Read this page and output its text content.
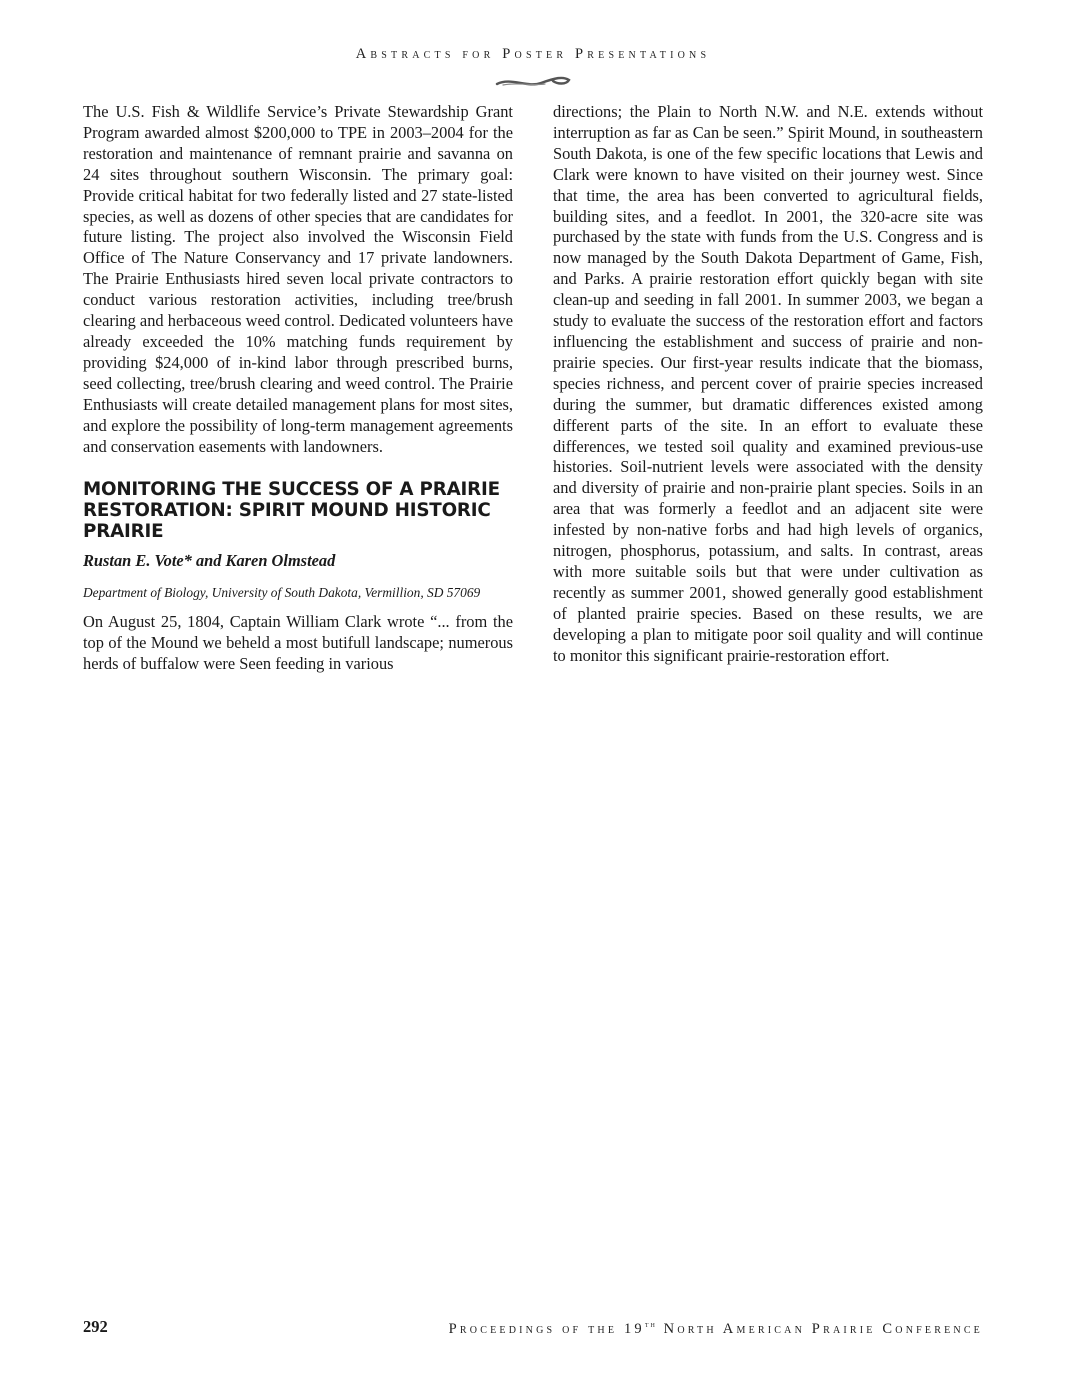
Abstracts for Poster Presentations

The U.S. Fish & Wildlife Service’s Private Stewardship Grant Program awarded almost $200,000 to TPE in 2003–2004 for the restoration and maintenance of remnant prairie and savanna on 24 sites throughout southern Wisconsin. The primary goal: Provide critical habitat for two federally listed and 27 state-listed species, as well as dozens of other species that are candidates for future listing. The project also involved the Wisconsin Field Office of The Nature Conservancy and 17 private landowners. The Prairie Enthusiasts hired seven local private contractors to conduct various restoration activities, including tree/brush clearing and herbaceous weed control. Dedicated volunteers have already exceeded the 10% matching funds requirement by providing $24,000 of in-kind labor through prescribed burns, seed collecting, tree/brush clearing and weed control. The Prairie Enthusiasts will create detailed management plans for most sites, and explore the possibility of long-term management agreements and conservation easements with landowners.

MONITORING THE SUCCESS OF A PRAIRIE RESTORATION: SPIRIT MOUND HISTORIC PRAIRIE

Rustan E. Vote* and Karen Olmstead

Department of Biology, University of South Dakota, Vermillion, SD 57069

On August 25, 1804, Captain William Clark wrote “... from the top of the Mound we beheld a most butifull landscape; numerous herds of buffalow were Seen feeding in various

directions; the Plain to North N.W. and N.E. extends without interruption as far as Can be seen.” Spirit Mound, in southeastern South Dakota, is one of the few specific locations that Lewis and Clark were known to have visited on their journey west. Since that time, the area has been converted to agricultural fields, building sites, and a feedlot. In 2001, the 320-acre site was purchased by the state with funds from the U.S. Congress and is now managed by the South Dakota Department of Game, Fish, and Parks. A prairie restoration effort quickly began with site clean-up and seeding in fall 2001. In summer 2003, we began a study to evaluate the success of the restoration effort and factors influencing the establishment and success of prairie and non-prairie species. Our first-year results indicate that the biomass, species richness, and percent cover of prairie species increased during the summer, but dramatic differences existed among different parts of the site. In an effort to evaluate these differences, we tested soil quality and examined previous-use histories. Soil-nutrient levels were associated with the density and diversity of prairie and non-prairie plant species. Soils in an area that was formerly a feedlot and an adjacent site were infested by non-native forbs and had high levels of organics, nitrogen, phosphorus, potassium, and salts. In contrast, areas with more suitable soils but that were under cultivation as recently as summer 2001, showed generally good establishment of planted prairie species. Based on these results, we are developing a plan to mitigate poor soil quality and will continue to monitor this significant prairie-restoration effort.

292	Proceedings of the 19th North American Prairie Conference
